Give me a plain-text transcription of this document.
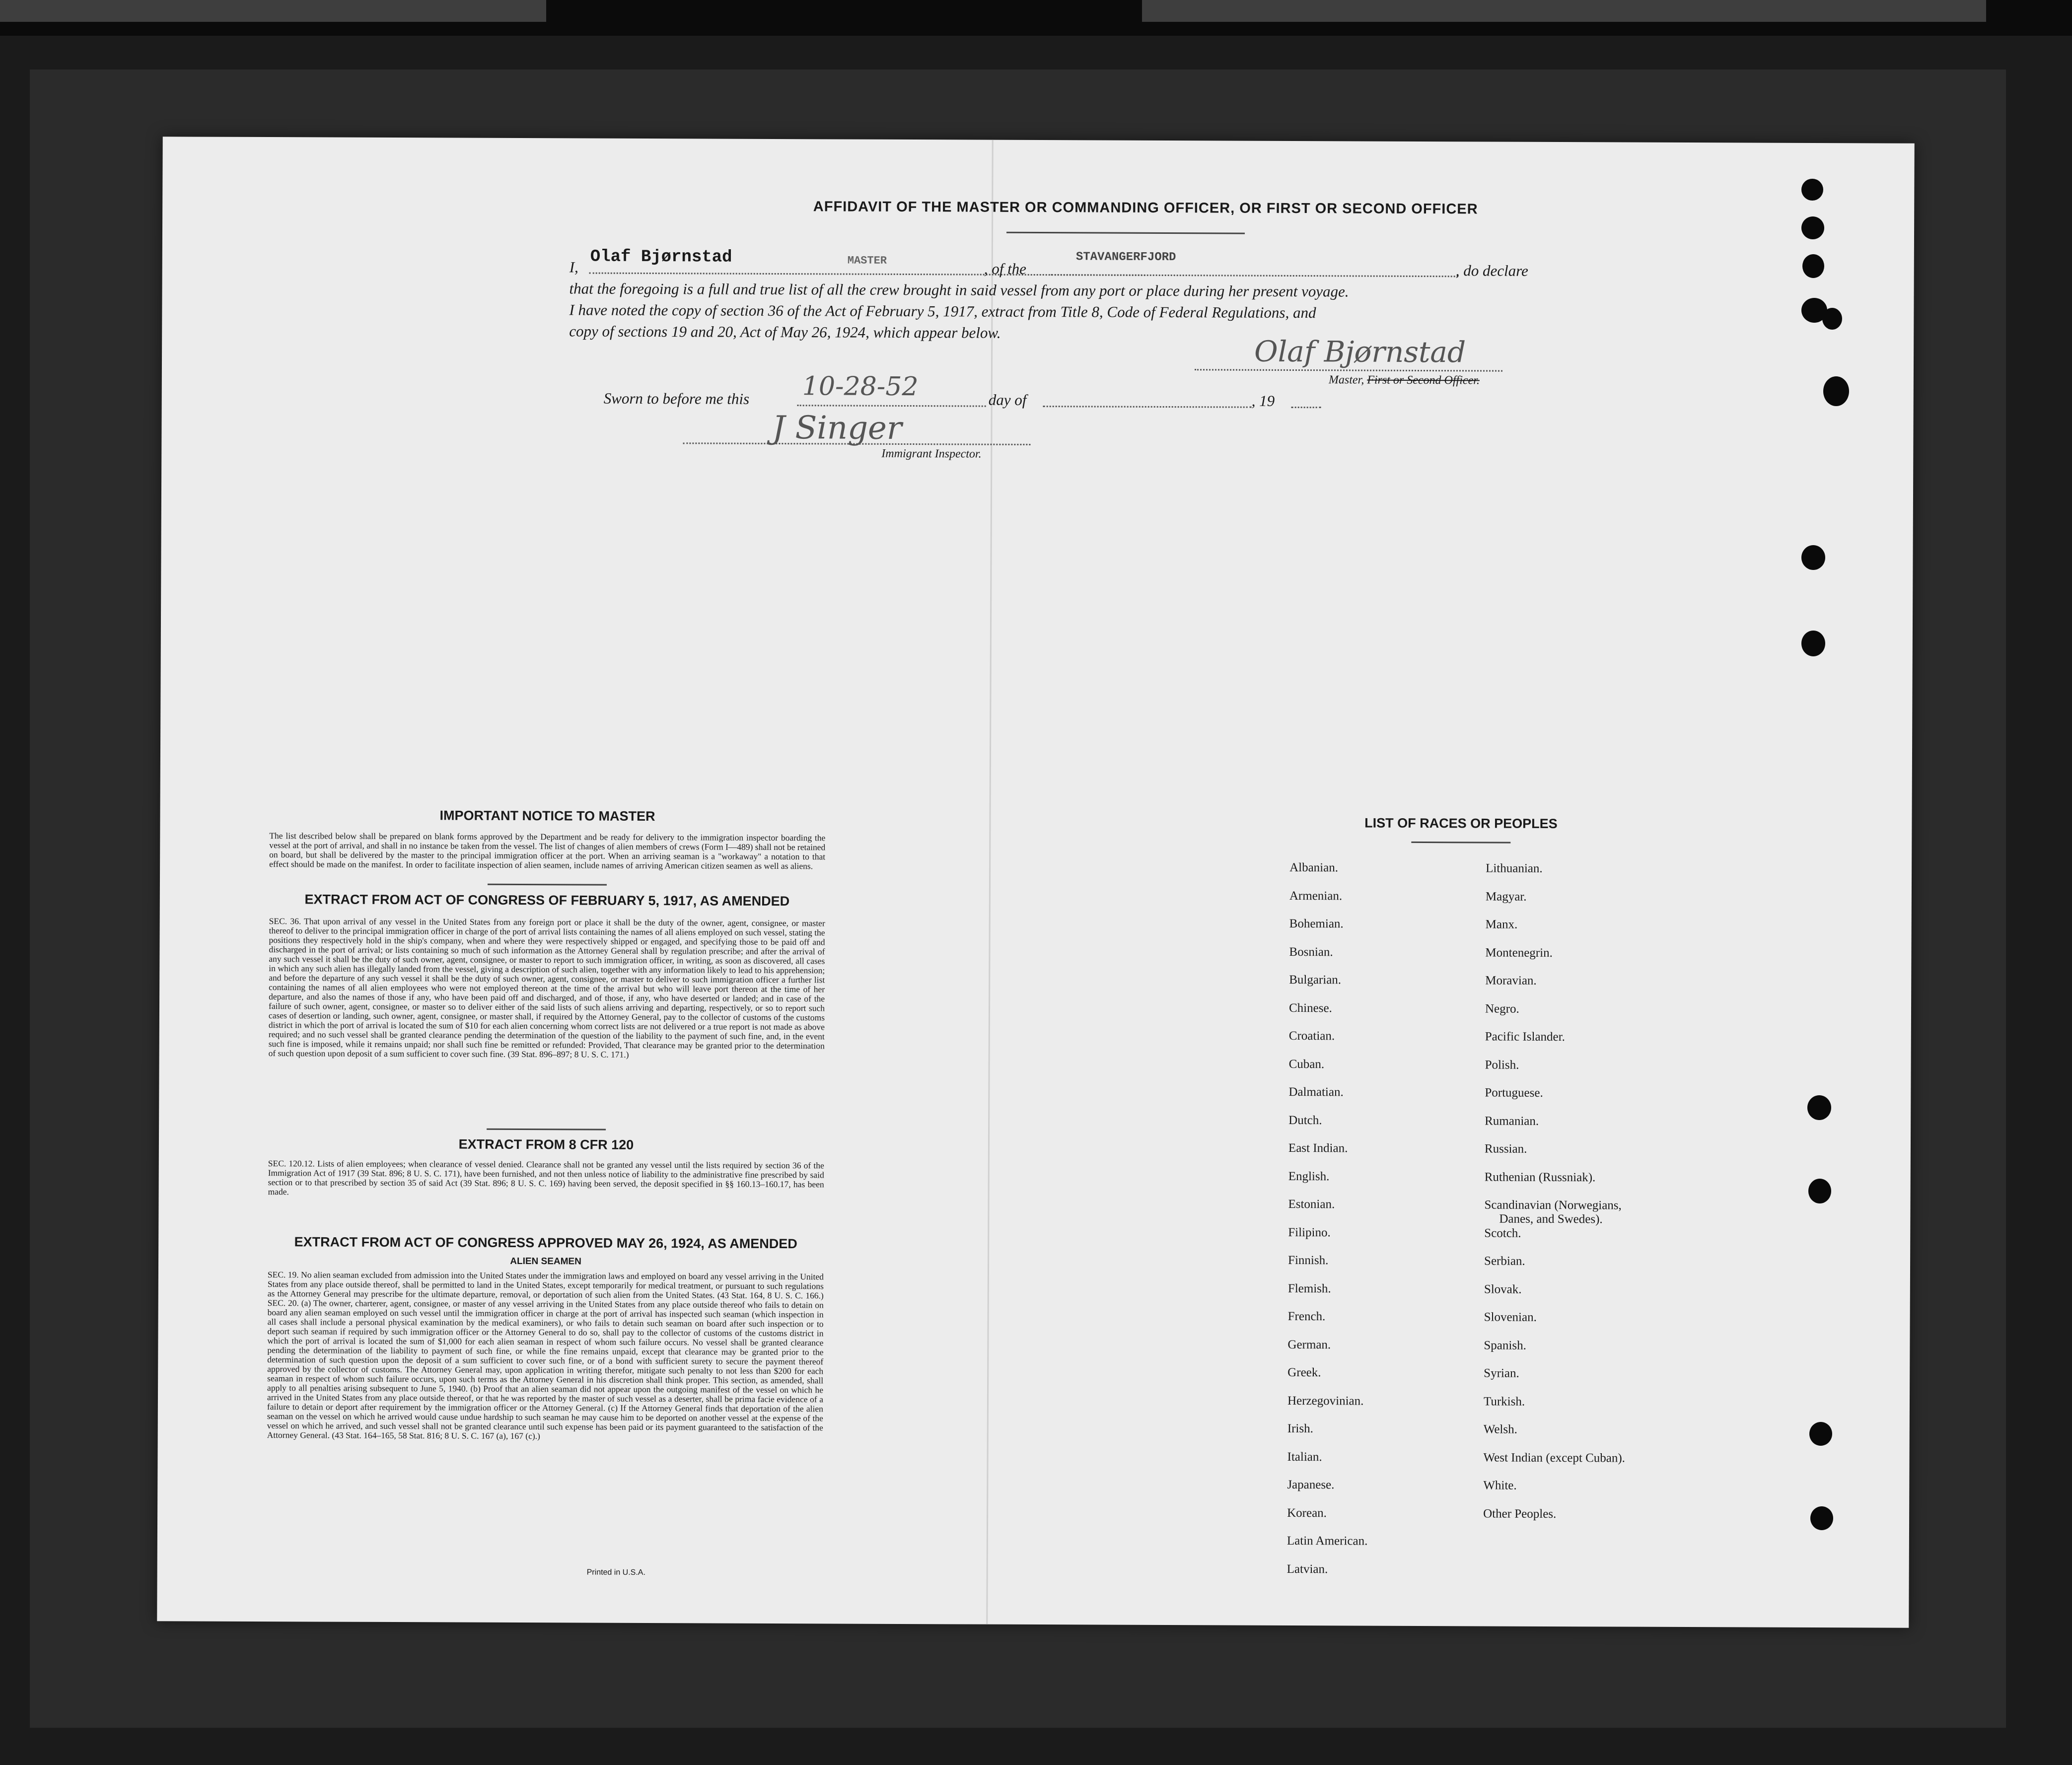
AFFIDAVIT OF THE MASTER OR COMMANDING OFFICER, OR FIRST OR SECOND OFFICER
I,
Olaf Bjørnstad	MASTER	, of the
STAVANGERFJORD
, do declare
that the foregoing is a full and true list of all the crew brought in said vessel from any port or place during her present voyage.
I have noted the copy of section 36 of the Act of February 5, 1917, extract from Title 8, Code of Federal Regulations, and
copy of sections 19 and 20, Act of May 26, 1924, which appear below.
Olaf Bjørnstad
Master, First or Second Officer.
Sworn to before me this 10-28-52	day of	, 19
J Singer
Immigrant Inspector.
IMPORTANT NOTICE TO MASTER
The list described below shall be prepared on blank forms approved by the Department and be ready for delivery to the immigration inspector boarding the vessel at the port of arrival, and shall in no instance be taken from the vessel. The list of changes of alien members of crews (Form I—489) shall not be retained on board, but shall be delivered by the master to the principal immigration officer at the port. When an arriving seaman is a "workaway" a notation to that effect should be made on the manifest. In order to facilitate inspection of alien seamen, include names of arriving American citizen seamen as well as aliens.
EXTRACT FROM ACT OF CONGRESS OF FEBRUARY 5, 1917, AS AMENDED
SEC. 36. That upon arrival of any vessel in the United States from any foreign port or place it shall be the duty of the owner, agent, consignee, or master thereof to deliver to the principal immigration officer in charge of the port of arrival lists containing the names of all aliens employed on such vessel, stating the positions they respectively hold in the ship's company, when and where they were respectively shipped or engaged, and specifying those to be paid off and discharged in the port of arrival; or lists containing so much of such information as the Attorney General shall by regulation prescribe; and after the arrival of any such vessel it shall be the duty of such owner, agent, consignee, or master to report to such immigration officer, in writing, as soon as discovered, all cases in which any such alien has illegally landed from the vessel, giving a description of such alien, together with any information likely to lead to his apprehension; and before the departure of any such vessel it shall be the duty of such owner, agent, consignee, or master to deliver to such immigration officer a further list containing the names of all alien employees who were not employed thereon at the time of the arrival but who will leave port thereon at the time of her departure, and also the names of those if any, who have been paid off and discharged, and of those, if any, who have deserted or landed; and in case of the failure of such owner, agent, consignee, or master so to deliver either of the said lists of such aliens arriving and departing, respectively, or so to report such cases of desertion or landing, such owner, agent, consignee, or master shall, if required by the Attorney General, pay to the collector of customs of the customs district in which the port of arrival is located the sum of $10 for each alien concerning whom correct lists are not delivered or a true report is not made as above required; and no such vessel shall be granted clearance pending the determination of the question of the liability to the payment of such fine, and, in the event such fine is imposed, while it remains unpaid; nor shall such fine be remitted or refunded: Provided, That clearance may be granted prior to the determination of such question upon deposit of a sum sufficient to cover such fine. (39 Stat. 896–897; 8 U. S. C. 171.)
EXTRACT FROM 8 CFR 120
SEC. 120.12. Lists of alien employees; when clearance of vessel denied. Clearance shall not be granted any vessel until the lists required by section 36 of the Immigration Act of 1917 (39 Stat. 896; 8 U. S. C. 171), have been furnished, and not then unless notice of liability to the administrative fine prescribed by said section or to that prescribed by section 35 of said Act (39 Stat. 896; 8 U. S. C. 169) having been served, the deposit specified in §§ 160.13–160.17, has been made.
EXTRACT FROM ACT OF CONGRESS APPROVED MAY 26, 1924, AS AMENDED
ALIEN SEAMEN
SEC. 19. No alien seaman excluded from admission into the United States under the immigration laws and employed on board any vessel arriving in the United States from any place outside thereof, shall be permitted to land in the United States, except temporarily for medical treatment, or pursuant to such regulations as the Attorney General may prescribe for the ultimate departure, removal, or deportation of such alien from the United States. (43 Stat. 164, 8 U. S. C. 166.) SEC. 20. (a) The owner, charterer, agent, consignee, or master of any vessel arriving in the United States from any place outside thereof who fails to detain on board any alien seaman employed on such vessel until the immigration officer in charge at the port of arrival has inspected such seaman (which inspection in all cases shall include a personal physical examination by the medical examiners), or who fails to detain such seaman on board after such inspection or to deport such seaman if required by such immigration officer or the Attorney General to do so, shall pay to the collector of customs of the customs district in which the port of arrival is located the sum of $1,000 for each alien seaman in respect of whom such failure occurs. No vessel shall be granted clearance pending the determination of the liability to payment of such fine, or while the fine remains unpaid, except that clearance may be granted prior to the determination of such question upon the deposit of a sum sufficient to cover such fine, or of a bond with sufficient surety to secure the payment thereof approved by the collector of customs. The Attorney General may, upon application in writing therefor, mitigate such penalty to not less than $200 for each seaman in respect of whom such failure occurs, upon such terms as the Attorney General in his discretion shall think proper. This section, as amended, shall apply to all penalties arising subsequent to June 5, 1940. (b) Proof that an alien seaman did not appear upon the outgoing manifest of the vessel on which he arrived in the United States from any place outside thereof, or that he was reported by the master of such vessel as a deserter, shall be prima facie evidence of a failure to detain or deport after requirement by the immigration officer or the Attorney General. (c) If the Attorney General finds that deportation of the alien seaman on the vessel on which he arrived would cause undue hardship to such seaman he may cause him to be deported on another vessel at the expense of the vessel on which he arrived, and such vessel shall not be granted clearance until such expense has been paid or its payment guaranteed to the satisfaction of the Attorney General. (43 Stat. 164–165, 58 Stat. 816; 8 U. S. C. 167 (a), 167 (c).)
Printed in U.S.A.
LIST OF RACES OR PEOPLES
Albanian.
Armenian.
Bohemian.
Bosnian.
Bulgarian.
Chinese.
Croatian.
Cuban.
Dalmatian.
Dutch.
East Indian.
English.
Estonian.
Filipino.
Finnish.
Flemish.
French.
German.
Greek.
Herzegovinian.
Irish.
Italian.
Japanese.
Korean.
Latin American.
Latvian.
Lithuanian.
Magyar.
Manx.
Montenegrin.
Moravian.
Negro.
Pacific Islander.
Polish.
Portuguese.
Rumanian.
Russian.
Ruthenian (Russniak).
Scandinavian (Norwegians,
Danes, and Swedes).
Scotch.
Serbian.
Slovak.
Slovenian.
Spanish.
Syrian.
Turkish.
Welsh.
West Indian (except Cuban).
White.
Other Peoples.
